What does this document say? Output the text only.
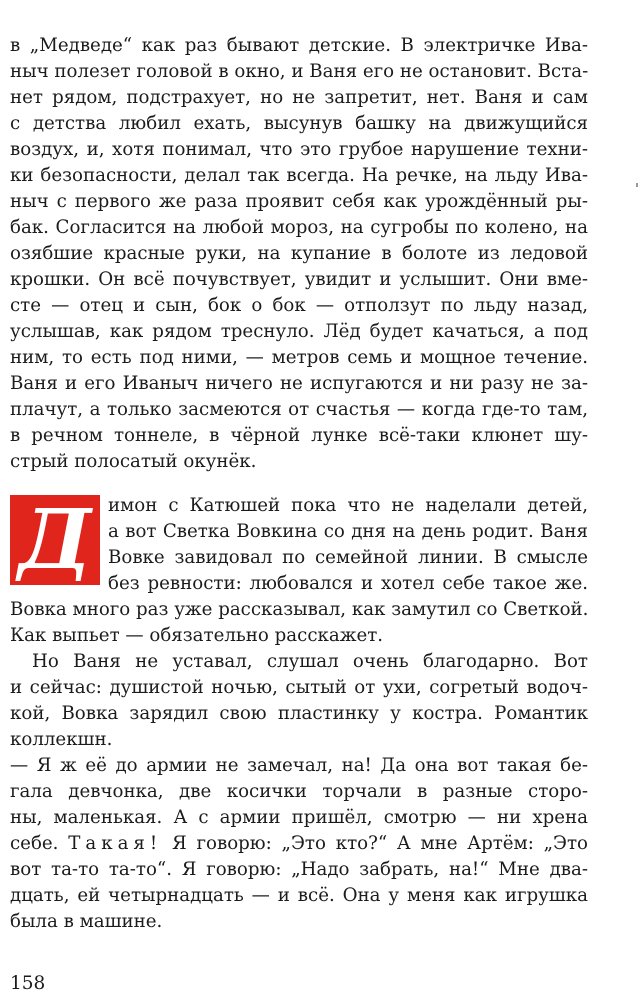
в „Медведе“ как раз бывают детские. В электричке Ива-
ныч полезет головой в окно, и Ваня его не остановит. Вста-
нет рядом, подстрахует, но не запретит, нет. Ваня и сам
с детства любил ехать, высунув башку на движущийся
воздух, и, хотя понимал, что это грубое нарушение техни-
ки безопасности, делал так всегда. На речке, на льду Ива-
ныч с первого же раза проявит себя как урождённый ры-
бак. Согласится на любой мороз, на сугробы по колено, на
озябшие красные руки, на купание в болоте из ледовой
крошки. Он всё почувствует, увидит и услышит. Они вме-
сте — отец и сын, бок о бок — отползут по льду назад,
услышав, как рядом треснуло. Лёд будет качаться, а под
ним, то есть под ними, — метров семь и мощное течение.
Ваня и его Иваныч ничего не испугаются и ни разу не за-
плачут, а только засмеются от счастья — когда где-то там,
в речном тоннеле, в чёрной лунке всё-таки клюнет шу-
стрый полосатый окунёк.
Д имон с Катюшей пока что не наделали детей,
а вот Светка Вовкина со дня на день родит. Ваня
Вовке завидовал по семейной линии. В смысле
без ревности: любовался и хотел себе такое же.
Вовка много раз уже рассказывал, как замутил со Светкой.
Как выпьет — обязательно расскажет.
Но Ваня не уставал, слушал очень благодарно. Вот
и сейчас: душистой ночью, сытый от ухи, согретый водоч-
кой, Вовка зарядил свою пластинку у костра. Романтик
коллекшн.
— Я ж её до армии не замечал, на! Да она вот такая бе-
гала девчонка, две косички торчали в разные сторо-
ны, маленькая. А с армии пришёл, смотрю — ни хрена
себе. Такая! Я говорю: „Это кто?“ А мне Артём: „Это
вот та-то та-то“. Я говорю: „Надо забрать, на!“ Мне два-
дцать, ей четырнадцать — и всё. Она у меня как игрушка
была в машине.
158
